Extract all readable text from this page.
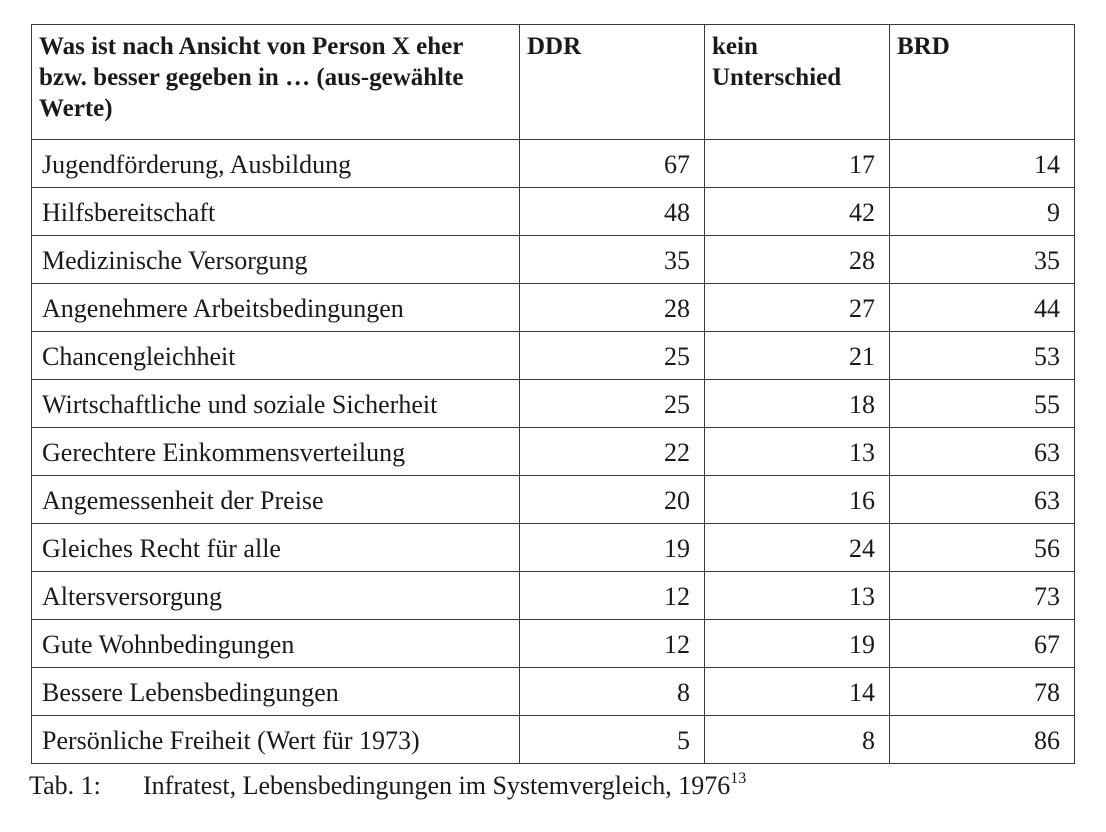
Was ist nach Ansicht von Person X eher bzw. besser gegeben in … (aus-gewählte Werte)	DDR	kein Unterschied	BRD
Jugendförderung, Ausbildung	67	17	14
Hilfsbereitschaft	48	42	9
Medizinische Versorgung	35	28	35
Angenehmere Arbeitsbedingungen	28	27	44
Chancengleichheit	25	21	53
Wirtschaftliche und soziale Sicherheit	25	18	55
Gerechtere Einkommensverteilung	22	13	63
Angemessenheit der Preise	20	16	63
Gleiches Recht für alle	19	24	56
Altersversorgung	12	13	73
Gute Wohnbedingungen	12	19	67
Bessere Lebensbedingungen	8	14	78
Persönliche Freiheit (Wert für 1973)	5	8	86
Tab. 1: Infratest, Lebensbedingungen im Systemvergleich, 1976$^{13}$
